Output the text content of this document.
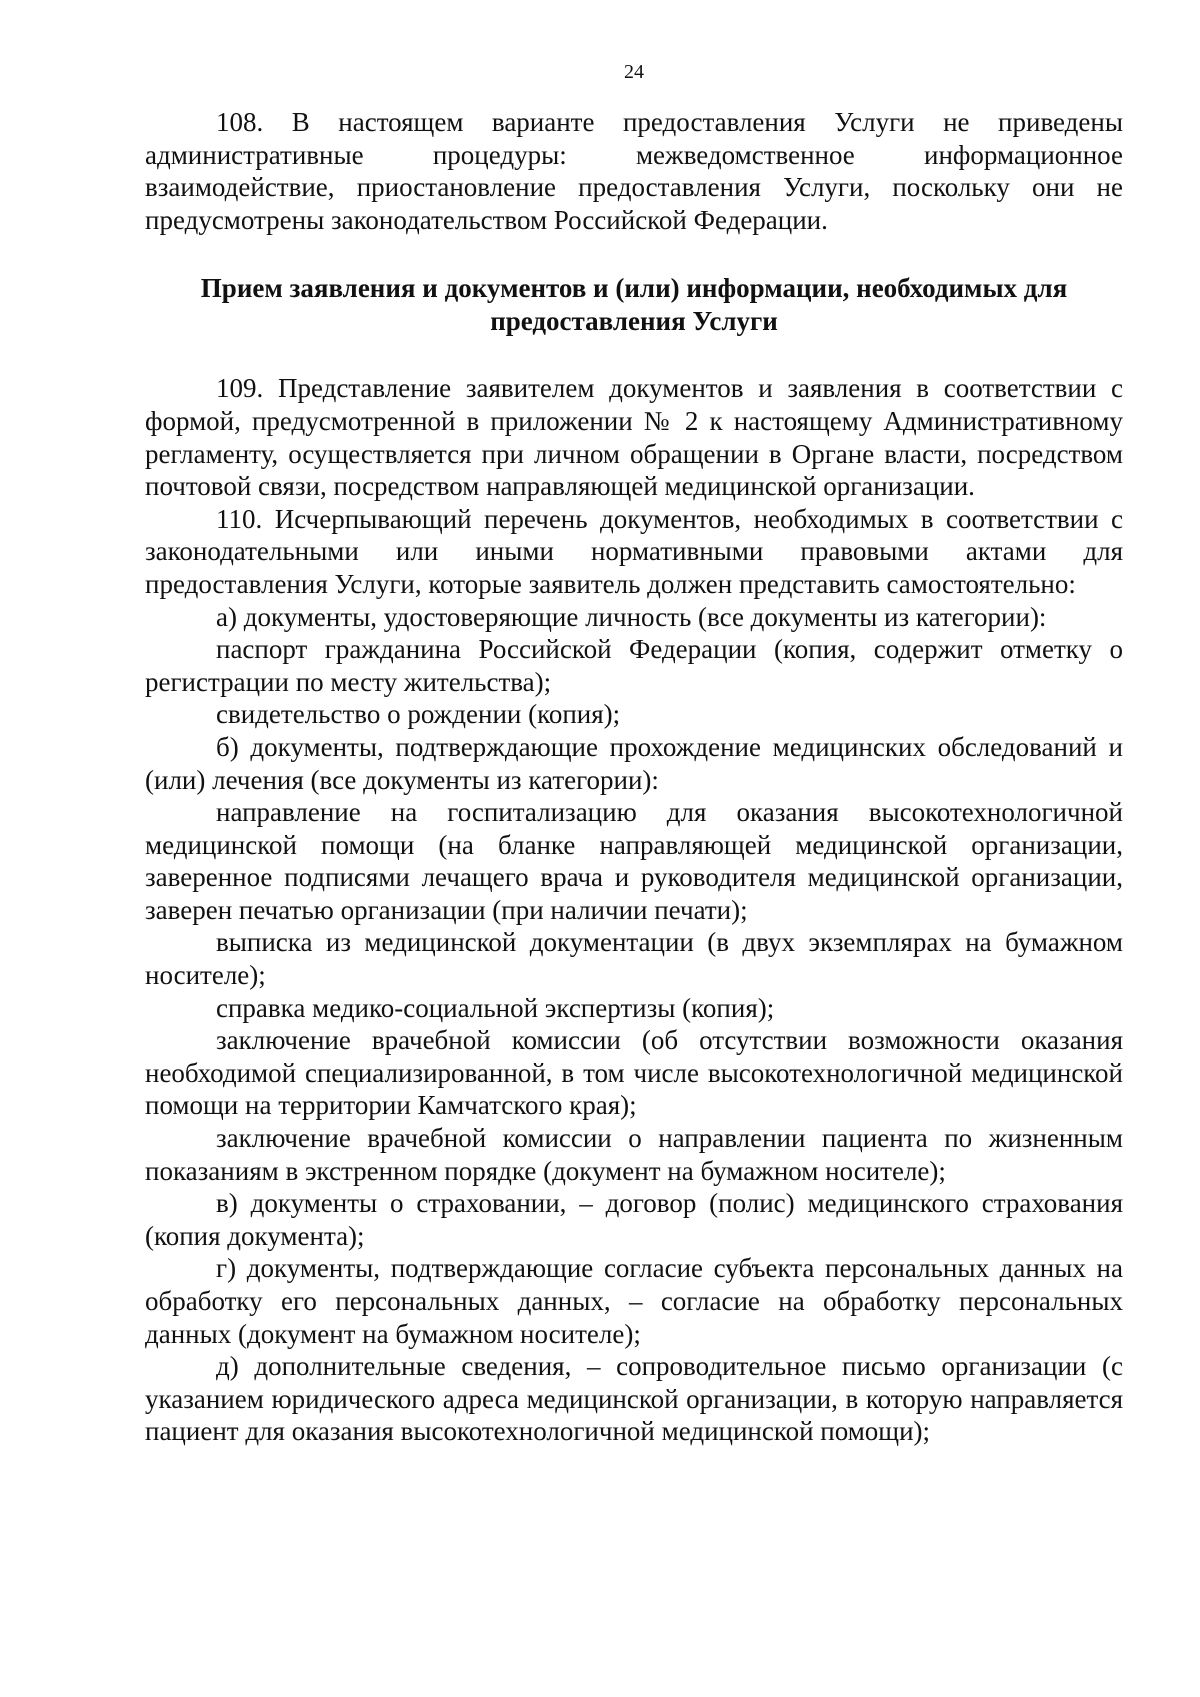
24

108. В настоящем варианте предоставления Услуги не приведены административные процедуры: межведомственное информационное взаимодействие, приостановление предоставления Услуги, поскольку они не предусмотрены законодательством Российской Федерации.

Прием заявления и документов и (или) информации, необходимых для предоставления Услуги

109. Представление заявителем документов и заявления в соответствии с формой, предусмотренной в приложении № 2 к настоящему Административному регламенту, осуществляется при личном обращении в Органе власти, посредством почтовой связи, посредством направляющей медицинской организации.

110. Исчерпывающий перечень документов, необходимых в соответствии с законодательными или иными нормативными правовыми актами для предоставления Услуги, которые заявитель должен представить самостоятельно:

а) документы, удостоверяющие личность (все документы из категории):

паспорт гражданина Российской Федерации (копия, содержит отметку о регистрации по месту жительства);

свидетельство о рождении (копия);

б) документы, подтверждающие прохождение медицинских обследований и (или) лечения (все документы из категории):

направление на госпитализацию для оказания высокотехнологичной медицинской помощи (на бланке направляющей медицинской организации, заверенное подписями лечащего врача и руководителя медицинской организации, заверен печатью организации (при наличии печати);

выписка из медицинской документации (в двух экземплярах на бумажном носителе);

справка медико-социальной экспертизы (копия);

заключение врачебной комиссии (об отсутствии возможности оказания необходимой специализированной, в том числе высокотехнологичной медицинской помощи на территории Камчатского края);

заключение врачебной комиссии о направлении пациента по жизненным показаниям в экстренном порядке (документ на бумажном носителе);

в) документы о страховании, – договор (полис) медицинского страхования (копия документа);

г) документы, подтверждающие согласие субъекта персональных данных на обработку его персональных данных, – согласие на обработку персональных данных (документ на бумажном носителе);

д) дополнительные сведения, – сопроводительное письмо организации (с указанием юридического адреса медицинской организации, в которую направляется пациент для оказания высокотехнологичной медицинской помощи);
